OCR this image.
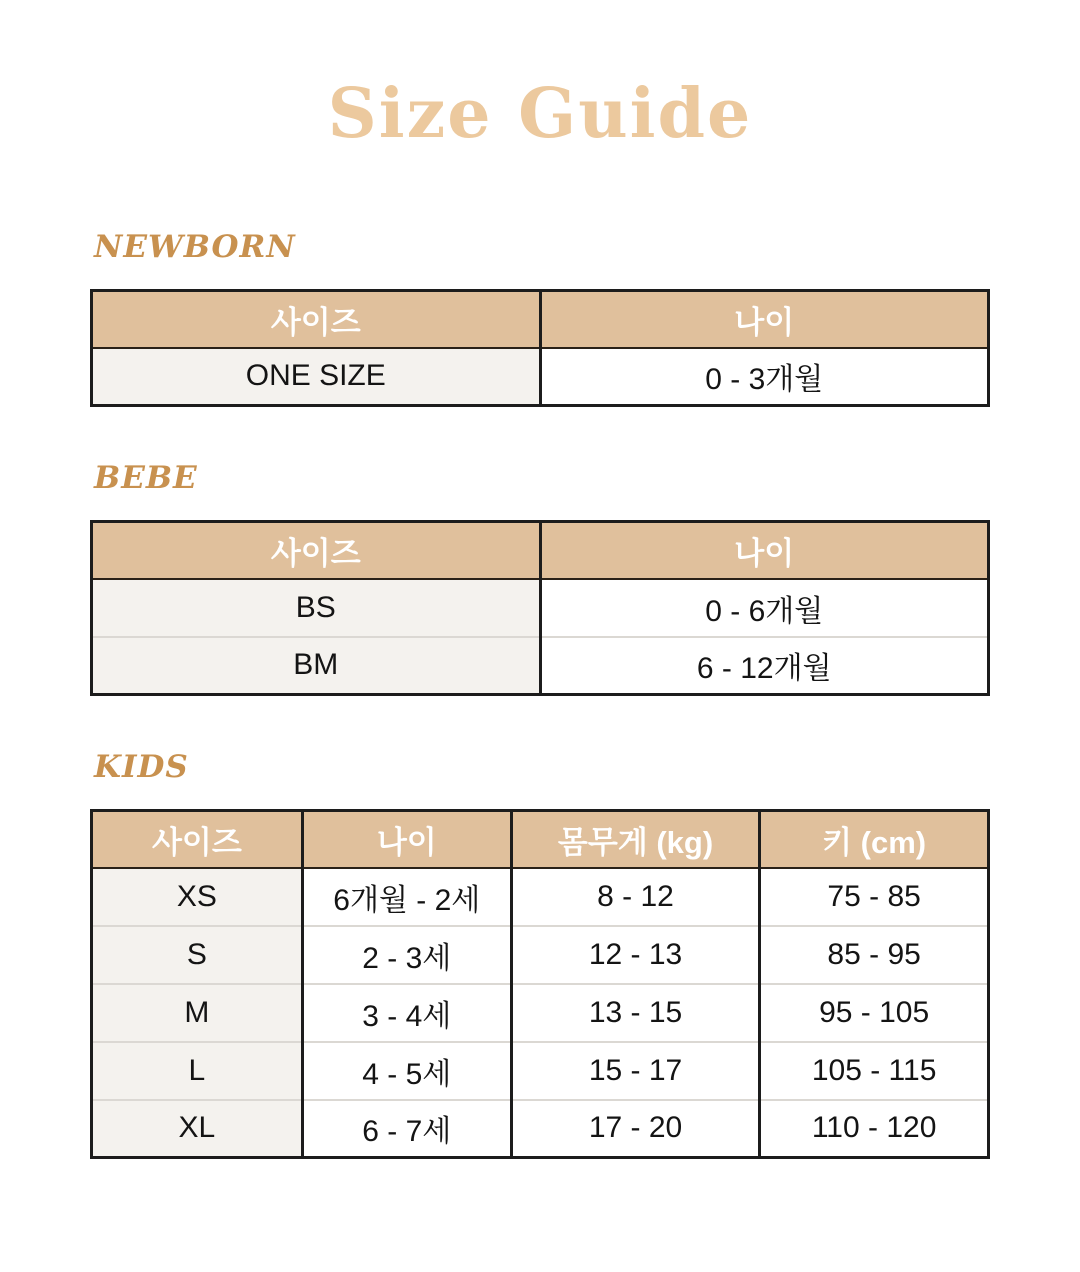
Size Guide
NEWBORN
사이즈	나이
ONE SIZE	0 - 3개월
BEBE
사이즈	나이
BS	0 - 6개월
BM	6 - 12개월
KIDS
사이즈	나이	몸무게 (kg)	키 (cm)
XS	6개월 - 2세	8 - 12	75 - 85
S	2 - 3세	12 - 13	85 - 95
M	3 - 4세	13 - 15	95 - 105
L	4 - 5세	15 - 17	105 - 115
XL	6 - 7세	17 - 20	110 - 120
